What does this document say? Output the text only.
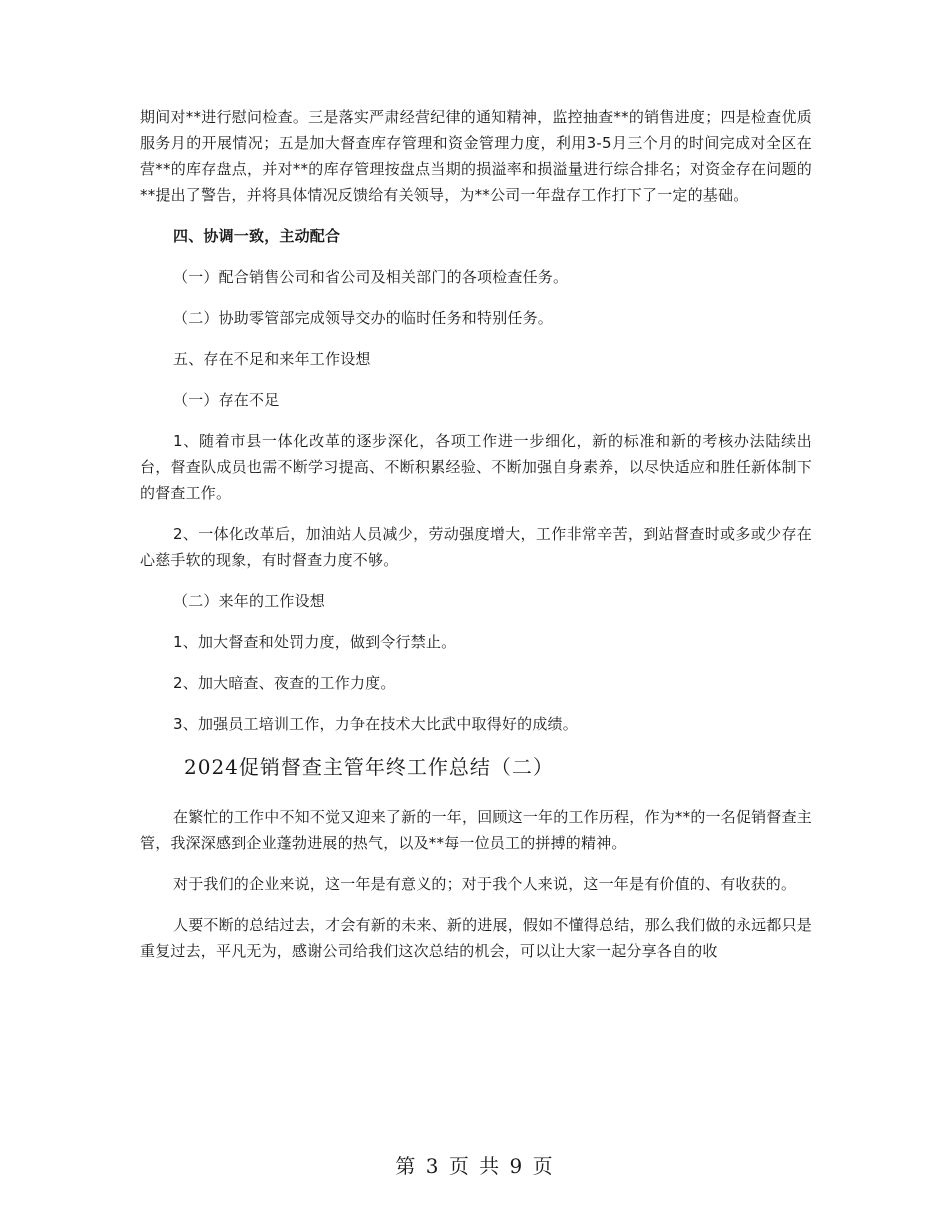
期间对**进行慰问检查。三是落实严肃经营纪律的通知精神，监控抽查**的销售进度；四是检查优质服务月的开展情况；五是加大督查库存管理和资金管理力度，利用3-5月三个月的时间完成对全区在营**的库存盘点，并对**的库存管理按盘点当期的损溢率和损溢量进行综合排名；对资金存在问题的**提出了警告，并将具体情况反馈给有关领导，为**公司一年盘存工作打下了一定的基础。

四、协调一致，主动配合

（一）配合销售公司和省公司及相关部门的各项检查任务。

（二）协助零管部完成领导交办的临时任务和特别任务。

五、存在不足和来年工作设想

（一）存在不足

1、随着市县一体化改革的逐步深化，各项工作进一步细化，新的标准和新的考核办法陆续出台，督查队成员也需不断学习提高、不断积累经验、不断加强自身素养，以尽快适应和胜任新体制下的督查工作。

2、一体化改革后，加油站人员减少，劳动强度增大，工作非常辛苦，到站督查时或多或少存在心慈手软的现象，有时督查力度不够。

（二）来年的工作设想

1、加大督查和处罚力度，做到令行禁止。

2、加大暗查、夜查的工作力度。

3、加强员工培训工作，力争在技术大比武中取得好的成绩。

2024促销督查主管年终工作总结（二）

在繁忙的工作中不知不觉又迎来了新的一年，回顾这一年的工作历程，作为**的一名促销督查主管，我深深感到企业蓬勃进展的热气，以及**每一位员工的拼搏的精神。

对于我们的企业来说，这一年是有意义的；对于我个人来说，这一年是有价值的、有收获的。

人要不断的总结过去，才会有新的未来、新的进展，假如不懂得总结，那么我们做的永远都只是重复过去，平凡无为，感谢公司给我们这次总结的机会，可以让大家一起分享各自的收

第 3 页 共 9 页
